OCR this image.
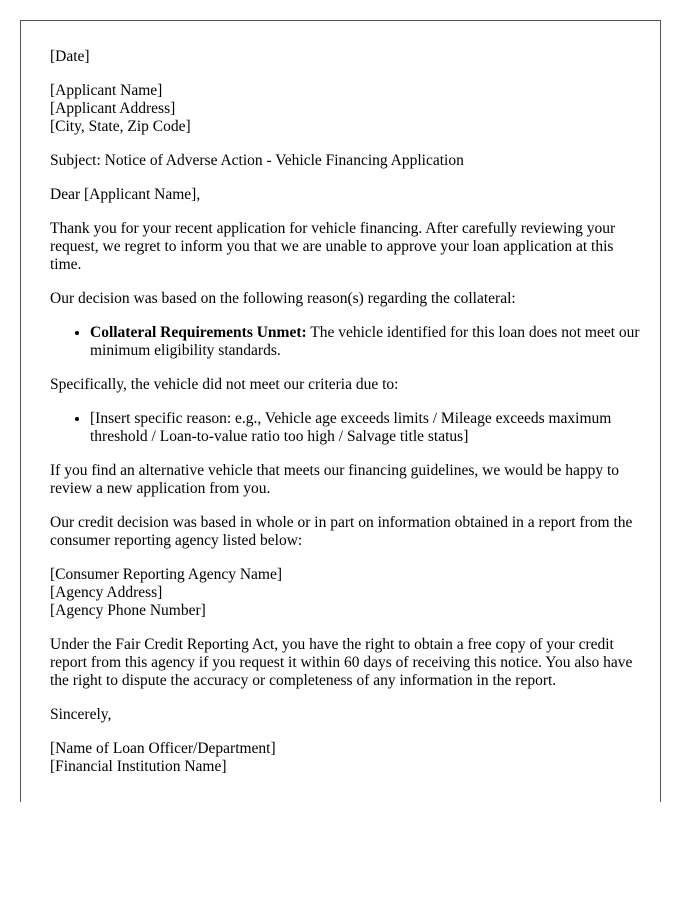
[Date]

[Applicant Name]
[Applicant Address]
[City, State, Zip Code]

Subject: Notice of Adverse Action - Vehicle Financing Application

Dear [Applicant Name],

Thank you for your recent application for vehicle financing. After carefully reviewing your request, we regret to inform you that we are unable to approve your loan application at this time.

Our decision was based on the following reason(s) regarding the collateral:

• Collateral Requirements Unmet: The vehicle identified for this loan does not meet our minimum eligibility standards.

Specifically, the vehicle did not meet our criteria due to:

• [Insert specific reason: e.g., Vehicle age exceeds limits / Mileage exceeds maximum threshold / Loan-to-value ratio too high / Salvage title status]

If you find an alternative vehicle that meets our financing guidelines, we would be happy to review a new application from you.

Our credit decision was based in whole or in part on information obtained in a report from the consumer reporting agency listed below:

[Consumer Reporting Agency Name]
[Agency Address]
[Agency Phone Number]

Under the Fair Credit Reporting Act, you have the right to obtain a free copy of your credit report from this agency if you request it within 60 days of receiving this notice. You also have the right to dispute the accuracy or completeness of any information in the report.

Sincerely,

[Name of Loan Officer/Department]
[Financial Institution Name]
